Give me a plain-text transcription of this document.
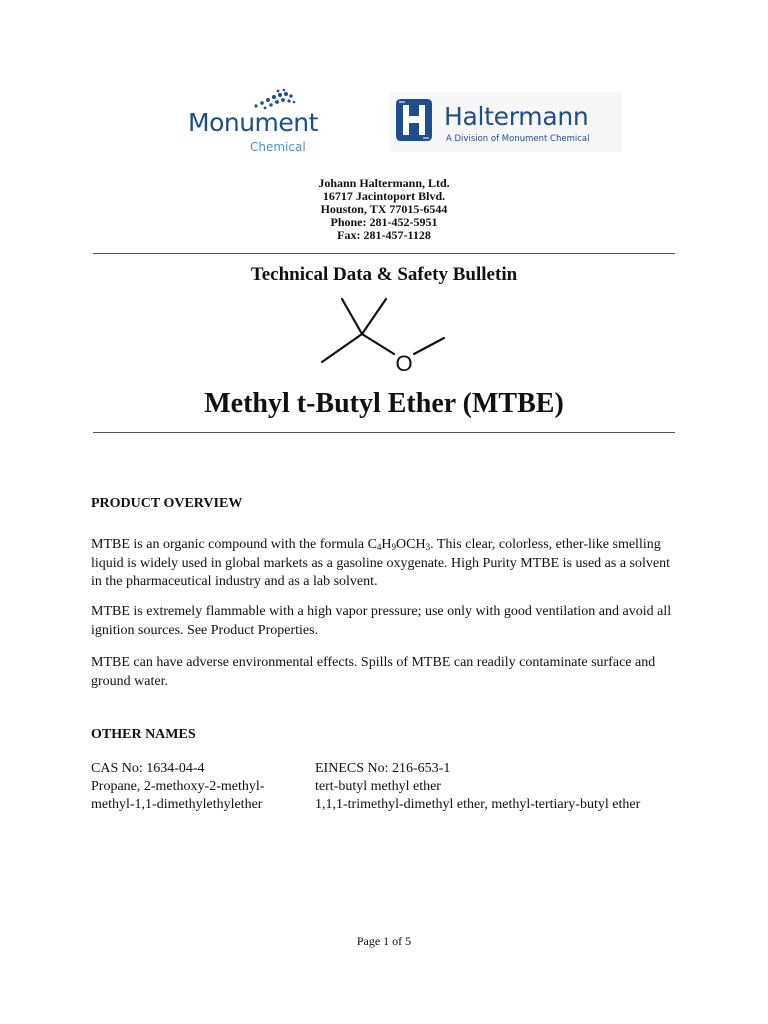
Monument
Chemical
Haltermann
A Division of Monument Chemical
Johann Haltermann, Ltd.
16717 Jacintoport Blvd.
Houston, TX 77015-6544
Phone: 281-452-5951
Fax: 281-457-1128
Technical Data & Safety Bulletin
O
Methyl t-Butyl Ether (MTBE)
PRODUCT OVERVIEW
MTBE is an organic compound with the formula $C_4H_9OCH_3$. This clear, colorless, ether-like smelling liquid is widely used in global markets as a gasoline oxygenate. High Purity MTBE is used as a solvent in the pharmaceutical industry and as a lab solvent.
MTBE is extremely flammable with a high vapor pressure; use only with good ventilation and avoid all ignition sources. See Product Properties.
MTBE can have adverse environmental effects. Spills of MTBE can readily contaminate surface and ground water.
OTHER NAMES
CAS No: 1634-04-4
Propane, 2-methoxy-2-methyl-
methyl-1,1-dimethylethylether
EINECS No: 216-653-1
tert-butyl methyl ether
1,1,1-trimethyl-dimethyl ether, methyl-tertiary-butyl ether
Page 1 of 5
